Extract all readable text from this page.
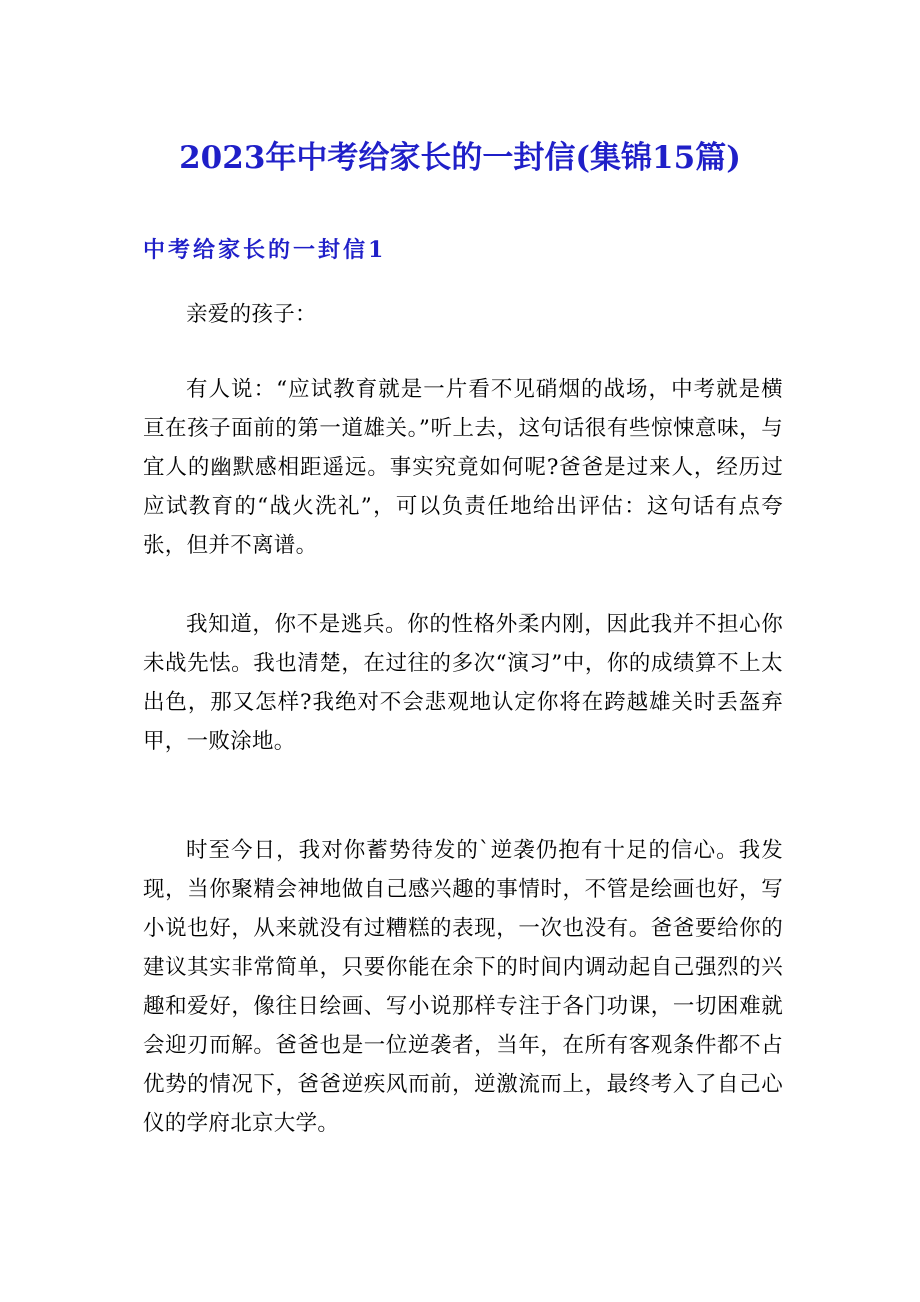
2023年中考给家长的一封信(集锦15篇)
中考给家长的一封信1

亲爱的孩子：

有人说：“应试教育就是一片看不见硝烟的战场，中考就是横亘在孩子面前的第一道雄关。”听上去，这句话很有些惊悚意味，与宜人的幽默感相距遥远。事实究竟如何呢?爸爸是过来人，经历过应试教育的“战火洗礼”，可以负责任地给出评估：这句话有点夸张，但并不离谱。

我知道，你不是逃兵。你的性格外柔内刚，因此我并不担心你未战先怯。我也清楚，在过往的多次“演习”中，你的成绩算不上太出色，那又怎样?我绝对不会悲观地认定你将在跨越雄关时丢盔弃甲，一败涂地。

时至今日，我对你蓄势待发的`逆袭仍抱有十足的信心。我发现，当你聚精会神地做自己感兴趣的事情时，不管是绘画也好，写小说也好，从来就没有过糟糕的表现，一次也没有。爸爸要给你的建议其实非常简单，只要你能在余下的时间内调动起自己强烈的兴趣和爱好，像往日绘画、写小说那样专注于各门功课，一切困难就会迎刃而解。爸爸也是一位逆袭者，当年，在所有客观条件都不占优势的情况下，爸爸逆疾风而前，逆激流而上，最终考入了自己心仪的学府北京大学。
